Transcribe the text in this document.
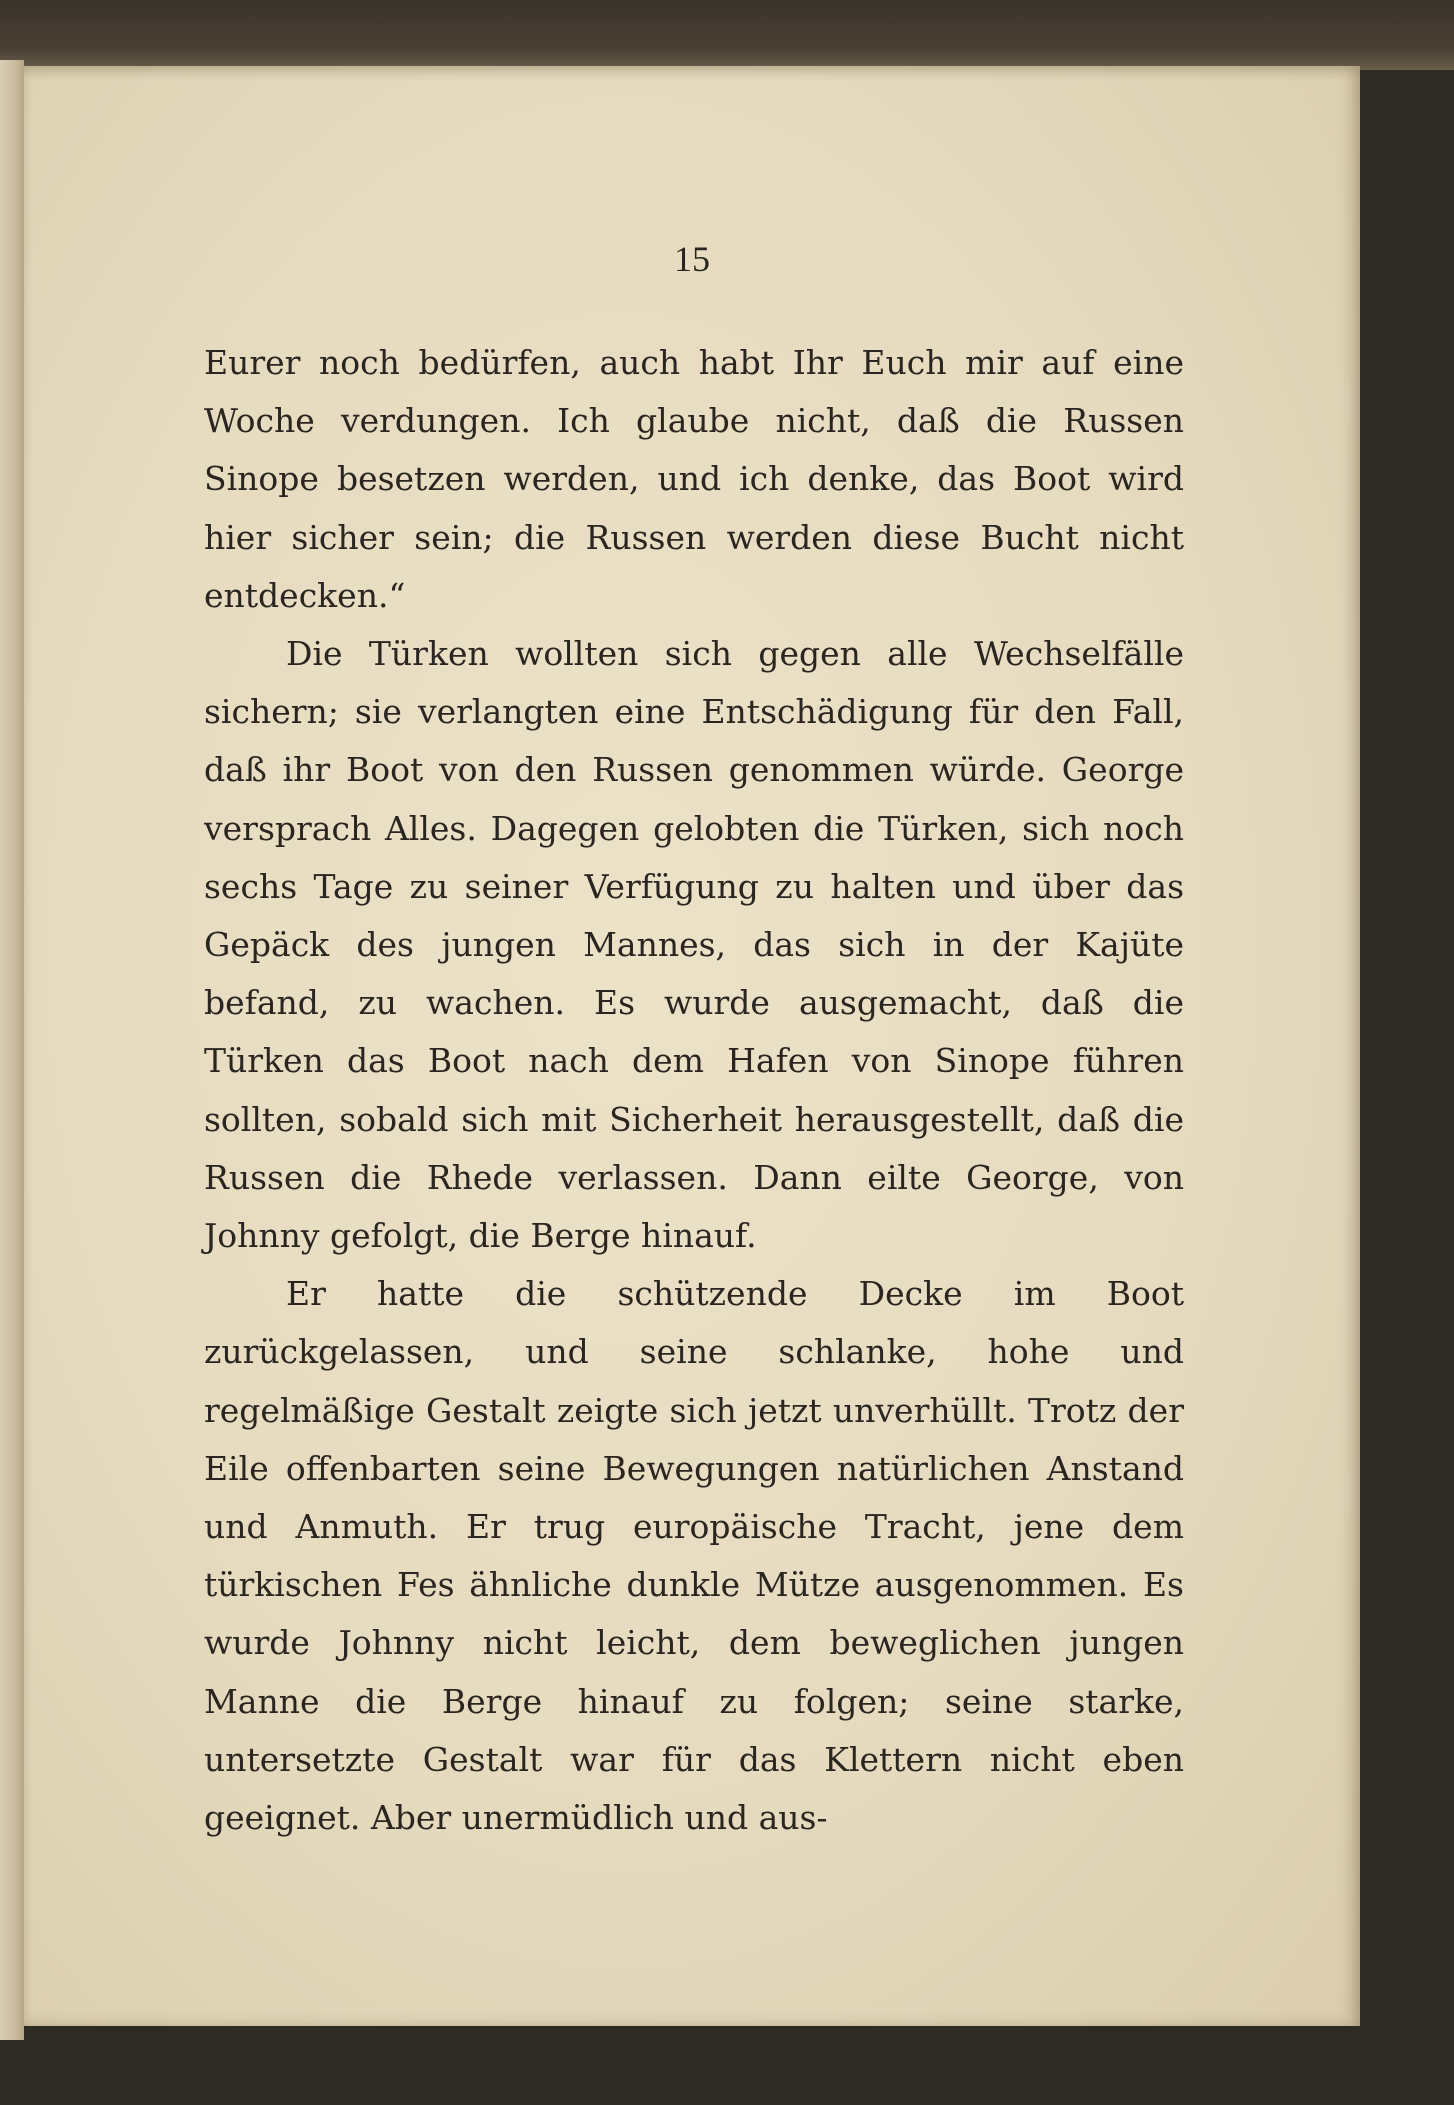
15

Eurer noch bedürfen, auch habt Ihr Euch mir auf eine Woche verdungen. Ich glaube nicht, daß die Russen Sinope besetzen werden, und ich denke, das Boot wird hier sicher sein; die Russen werden diese Bucht nicht entdecken.“

Die Türken wollten sich gegen alle Wechselfälle sichern; sie verlangten eine Entschädigung für den Fall, daß ihr Boot von den Russen genommen würde. George versprach Alles. Dagegen gelobten die Türken, sich noch sechs Tage zu seiner Verfügung zu halten und über das Gepäck des jungen Mannes, das sich in der Kajüte befand, zu wachen. Es wurde ausgemacht, daß die Türken das Boot nach dem Hafen von Sinope führen sollten, sobald sich mit Sicherheit herausgestellt, daß die Russen die Rhede verlassen. Dann eilte George, von Johnny gefolgt, die Berge hinauf.

Er hatte die schützende Decke im Boot zurückgelassen, und seine schlanke, hohe und regelmäßige Gestalt zeigte sich jetzt unverhüllt. Trotz der Eile offenbarten seine Bewegungen natürlichen Anstand und Anmuth. Er trug europäische Tracht, jene dem türkischen Fes ähnliche dunkle Mütze ausgenommen. Es wurde Johnny nicht leicht, dem beweglichen jungen Manne die Berge hinauf zu folgen; seine starke, untersetzte Gestalt war für das Klettern nicht eben geeignet. Aber unermüdlich und aus-
